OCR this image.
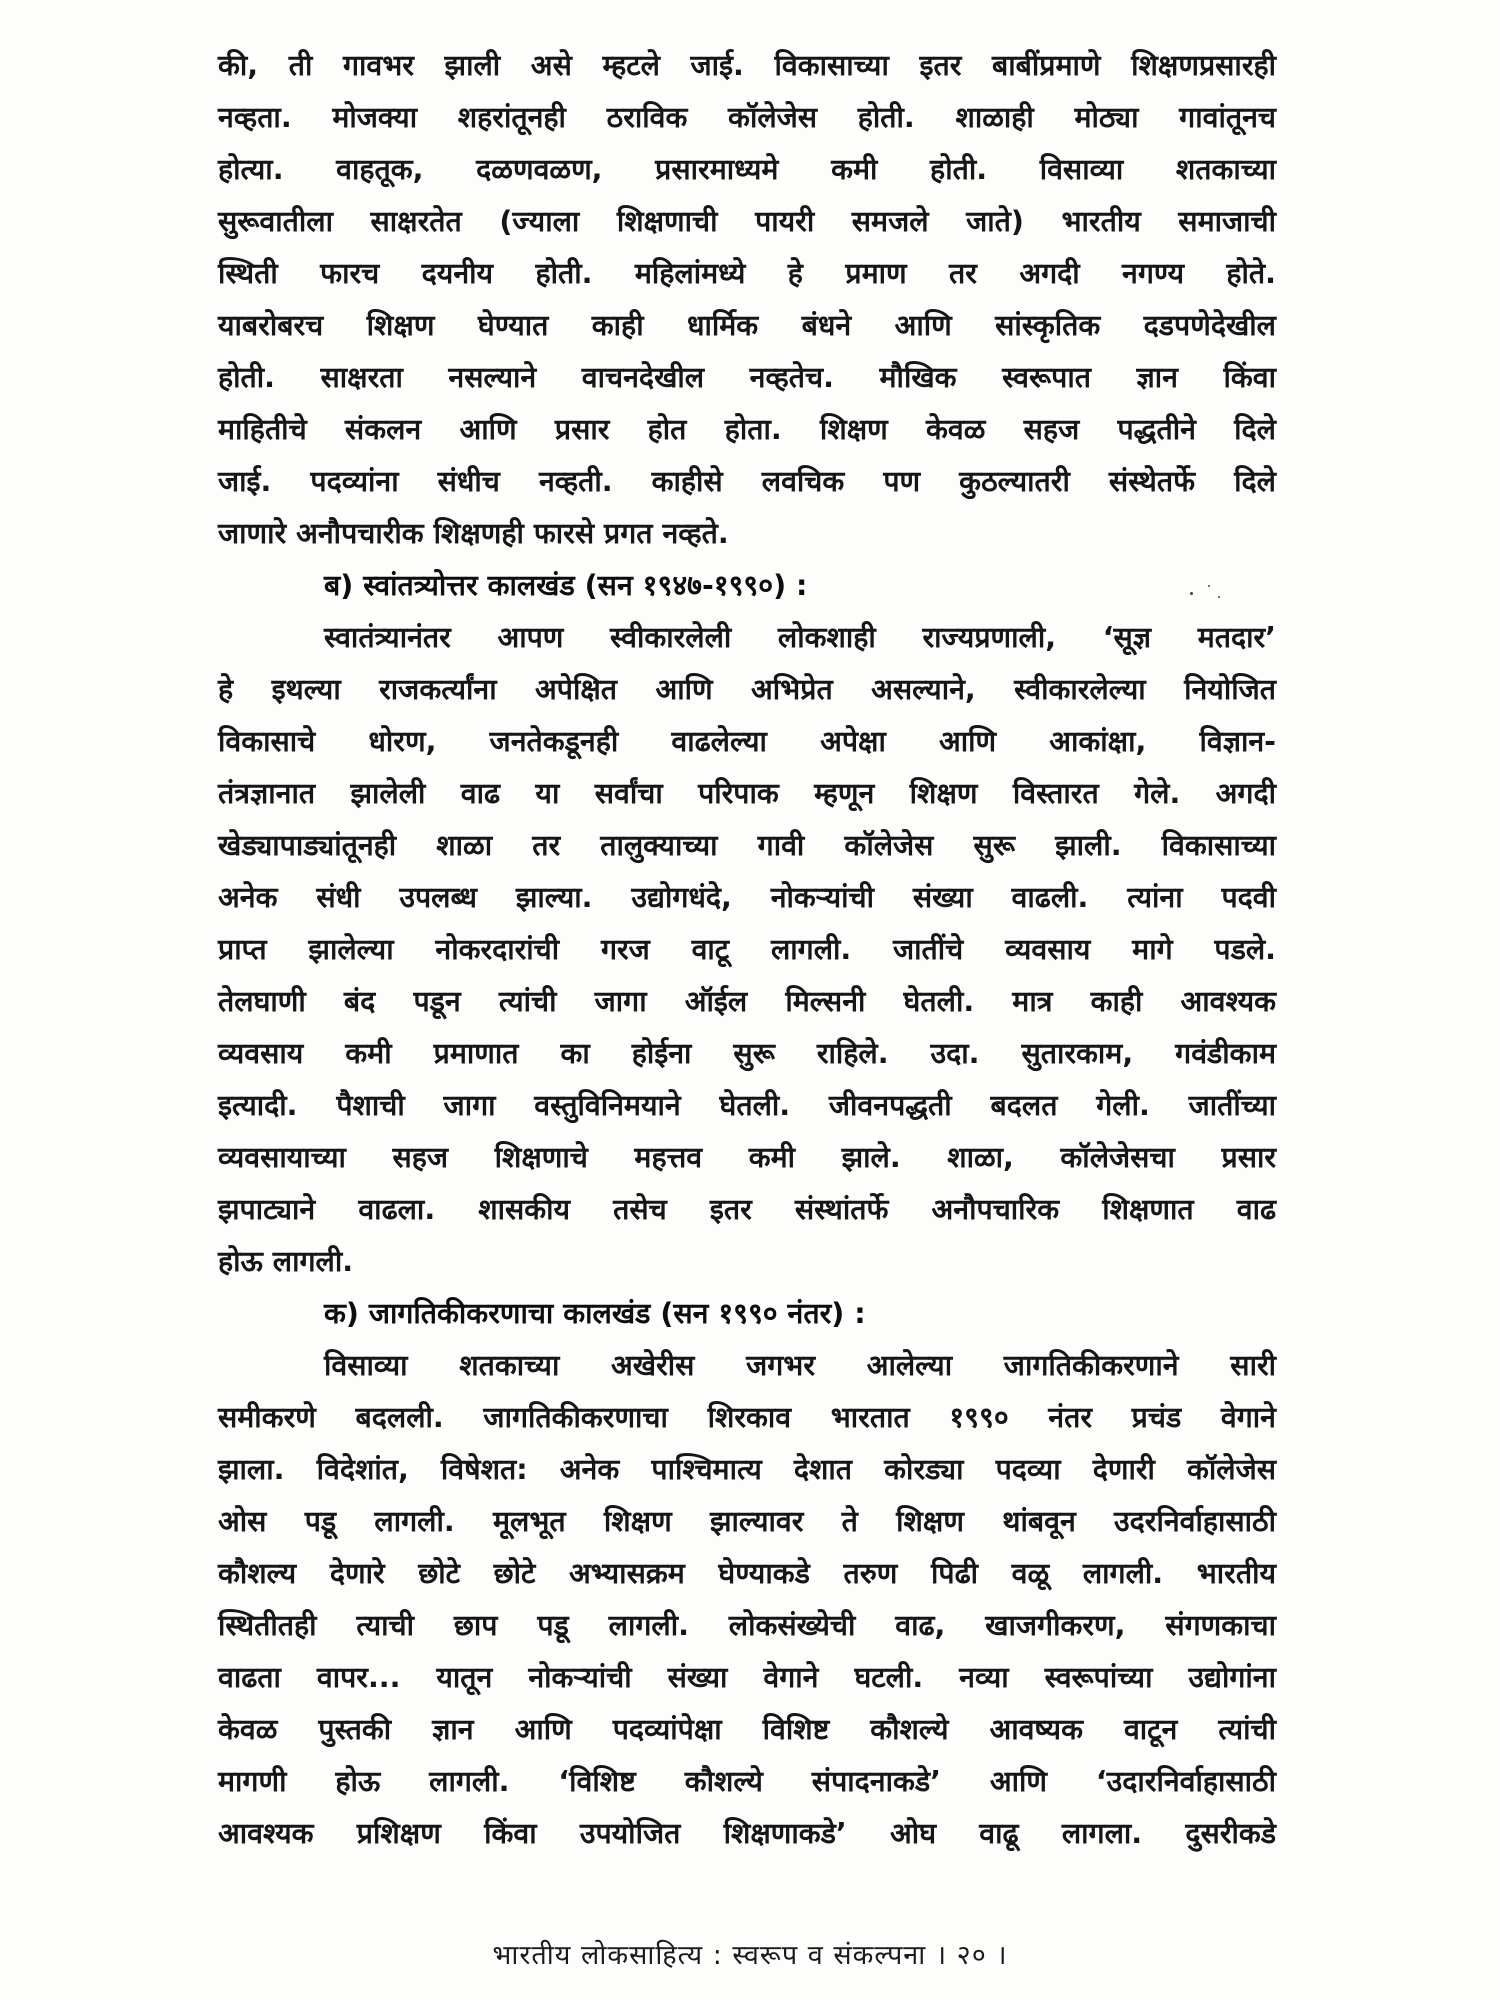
की, ती गावभर झाली असे म्हटले जाई. विकासाच्या इतर बाबींप्रमाणे शिक्षणप्रसारही
नव्हता. मोजक्या शहरांतूनही ठराविक कॉलेजेस होती. शाळाही मोठ्या गावांतूनच
होत्या. वाहतूक, दळणवळण, प्रसारमाध्यमे कमी होती. विसाव्या शतकाच्या
सुरूवातीला साक्षरतेत (ज्याला शिक्षणाची पायरी समजले जाते) भारतीय समाजाची
स्थिती फारच दयनीय होती. महिलांमध्ये हे प्रमाण तर अगदी नगण्य होते.
याबरोबरच शिक्षण घेण्यात काही धार्मिक बंधने आणि सांस्कृतिक दडपणेदेखील
होती. साक्षरता नसल्याने वाचनदेखील नव्हतेच. मौखिक स्वरूपात ज्ञान किंवा
माहितीचे संकलन आणि प्रसार होत होता. शिक्षण केवळ सहज पद्धतीने दिले
जाई. पदव्यांना संधीच नव्हती. काहीसे लवचिक पण कुठल्यातरी संस्थेतर्फे दिले
जाणारे अनौपचारीक शिक्षणही फारसे प्रगत नव्हते.
ब) स्वांतत्र्योत्तर कालखंड (सन १९४७-१९९०) :
स्वातंत्र्यानंतर आपण स्वीकारलेली लोकशाही राज्यप्रणाली, ‘सूज्ञ मतदार’
हे इथल्या राजकर्त्यांना अपेक्षित आणि अभिप्रेत असल्याने, स्वीकारलेल्या नियोजित
विकासाचे धोरण, जनतेकडूनही वाढलेल्या अपेक्षा आणि आकांक्षा, विज्ञान-
तंत्रज्ञानात झालेली वाढ या सर्वांचा परिपाक म्हणून शिक्षण विस्तारत गेले. अगदी
खेड्यापाड्यांतूनही शाळा तर तालुक्याच्या गावी कॉलेजेस सुरू झाली. विकासाच्या
अनेक संधी उपलब्ध झाल्या. उद्योगधंदे, नोकऱ्यांची संख्या वाढली. त्यांना पदवी
प्राप्त झालेल्या नोकरदारांची गरज वाटू लागली. जातींचे व्यवसाय मागे पडले.
तेलघाणी बंद पडून त्यांची जागा ऑईल मिल्सनी घेतली. मात्र काही आवश्यक
व्यवसाय कमी प्रमाणात का होईना सुरू राहिले. उदा. सुतारकाम, गवंडीकाम
इत्यादी. पैशाची जागा वस्तुविनिमयाने घेतली. जीवनपद्धती बदलत गेली. जातींच्या
व्यवसायाच्या सहज शिक्षणाचे महत्तव कमी झाले. शाळा, कॉलेजेसचा प्रसार
झपाट्याने वाढला. शासकीय तसेच इतर संस्थांतर्फे अनौपचारिक शिक्षणात वाढ
होऊ लागली.
क) जागतिकीकरणाचा कालखंड (सन १९९० नंतर) :
विसाव्या शतकाच्या अखेरीस जगभर आलेल्या जागतिकीकरणाने सारी
समीकरणे बदलली. जागतिकीकरणाचा शिरकाव भारतात १९९० नंतर प्रचंड वेगाने
झाला. विदेशांत, विषेशत: अनेक पाश्चिमात्य देशात कोरड्या पदव्या देणारी कॉलेजेस
ओस पडू लागली. मूलभूत शिक्षण झाल्यावर ते शिक्षण थांबवून उदरनिर्वाहासाठी
कौशल्य देणारे छोटे छोटे अभ्यासक्रम घेण्याकडे तरुण पिढी वळू लागली. भारतीय
स्थितीतही त्याची छाप पडू लागली. लोकसंख्येची वाढ, खाजगीकरण, संगणकाचा
वाढता वापर... यातून नोकऱ्यांची संख्या वेगाने घटली. नव्या स्वरूपांच्या उद्योगांना
केवळ पुस्तकी ज्ञान आणि पदव्यांपेक्षा विशिष्ट कौशल्ये आवष्यक वाटून त्यांची
मागणी होऊ लागली. ‘विशिष्ट कौशल्ये संपादनाकडे’ आणि ‘उदारनिर्वाहासाठी
आवश्यक प्रशिक्षण किंवा उपयोजित शिक्षणाकडे’ ओघ वाढू लागला. दुसरीकडे
भारतीय लोकसाहित्य : स्वरूप व संकल्पना । २० ।
